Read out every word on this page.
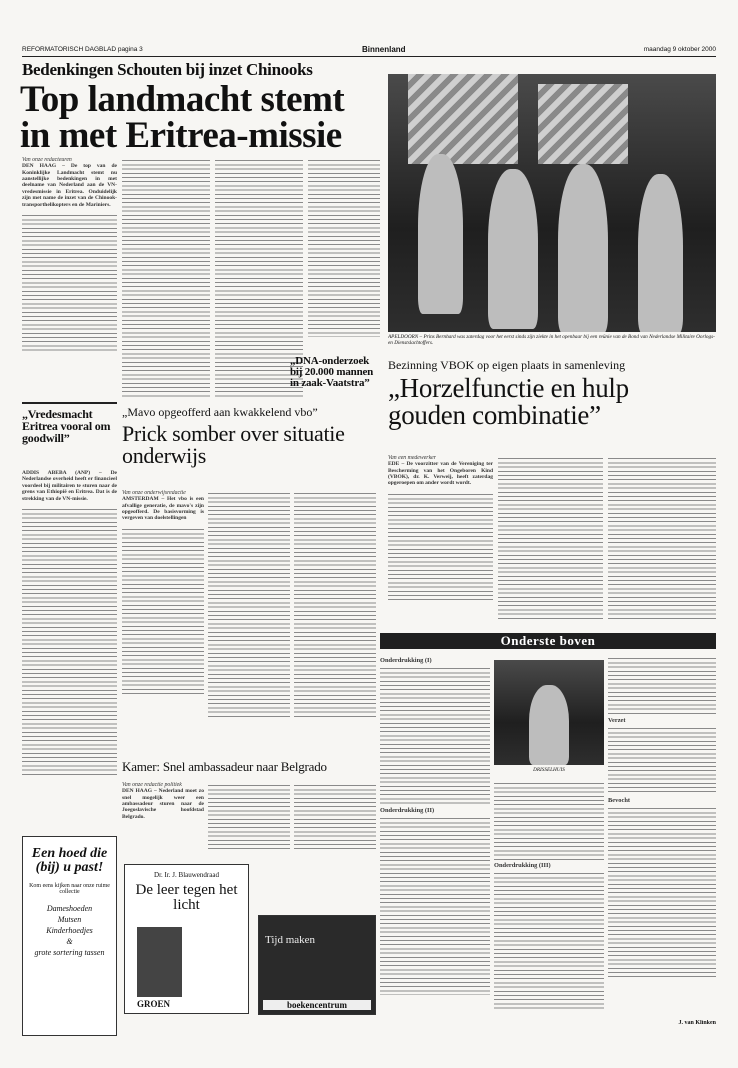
REFORMATORISCH DAGBLAD pagina 3	Binnenland	maandag 9 oktober 2000
Bedenkingen Schouten bij inzet Chinooks
Top landmacht stemt
in met Eritrea-missie
Van onze redacteuren
DEN HAAG – De top van de Koninklijke Landmacht stemt nu aanstellijke bedenkingen in met deelname van Nederland aan de VN-vredesmissie in Eritrea. Onduidelijk zijn met name de inzet van de Chinook-transporthelikopters en de Mariniers.
APELDOORN – Prins Bernhard was zaterdag voor het eerst sinds zijn ziekte in het openbaar bij een reünie van de Bond van Nederlandse Militaire Oorlogs- en Dienstslachtoffers.
„Vredesmacht Eritrea vooral om goodwill”
ADDIS ABEBA (ANP) – De Nederlandse overheid heeft er financieel voordeel bij militairen te sturen naar de grens van Ethiopië en Eritrea. Dat is de strekking van de VN-missie.
„Mavo opgeofferd aan kwakkelend vbo”
Prick somber over situatie onderwijs
Van onze onderwijsredactie
AMSTERDAM – Het vbo is een afvallige generatie, de mavo's zijn opgeofferd. De basisvorming is vergeven van doelstellingen
Kamer: Snel ambassadeur naar Belgrado
Van onze redactie politiek
DEN HAAG – Nederland moet zo snel mogelijk weer een ambassadeur sturen naar de Joegoslavische hoofdstad Belgrado.
„DNA-onderzoek bij 20.000 mannen in zaak-Vaatstra”
Bezinning VBOK op eigen plaats in samenleving
„Horzelfunctie en hulp
gouden combinatie”
Van een medewerker
EDE – De voorzitter van de Vereniging ter Bescherming van het Ongeboren Kind (VBOK), dr. K. Verweij, heeft zaterdag opgeroepen om ander wordt wordt.
Onderste boven
Onderdrukking (I)
Onderdrukking (II)
DRISSELHUIS
Onderdrukking (III)
Verzet
Bevocht
J. van Klinken
Een hoed die (bij) u past!
Kom eens kijken naar onze ruime collectie
Dameshoeden
Mutsen
Kinderhoedjes
&
grote sortering tassen
Dr. Ir. J. Blauwendraad
De leer tegen het licht
GROEN
Tijd maken
boekencentrum
